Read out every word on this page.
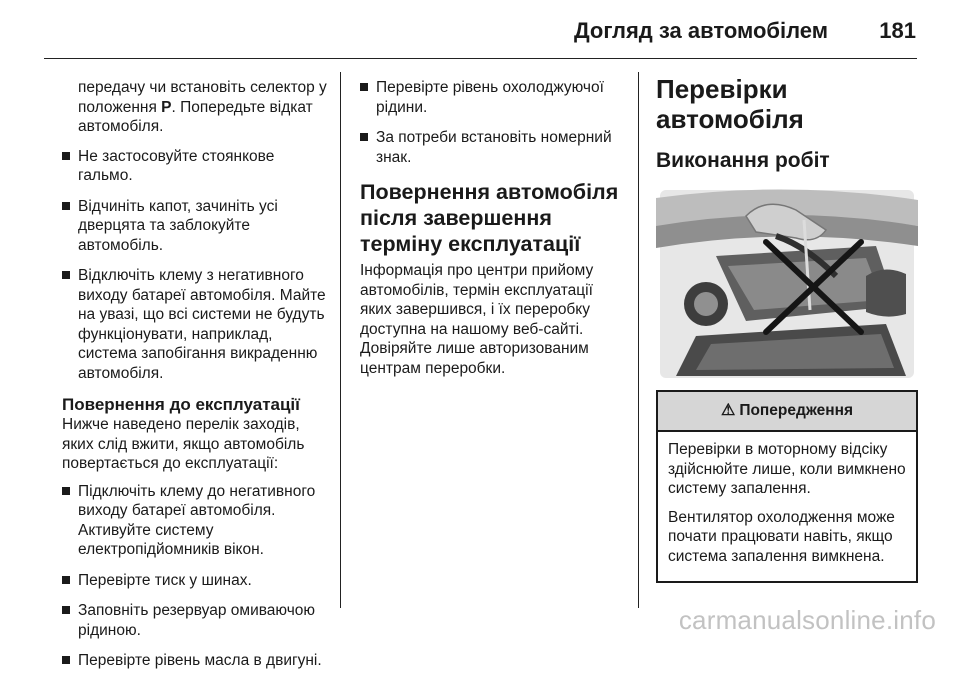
Догляд за автомобілем 181

передачу чи встановіть селектор у положення P. Попередьте відкат автомобіля.

Не застосовуйте стоянкове гальмо.
Відчиніть капот, зачиніть усі дверцята та заблокуйте автомобіль.
Відключіть клему з негативного виходу батареї автомобіля. Майте на увазі, що всі системи не будуть функціонувати, наприклад, система запобігання викраденню автомобіля.
Повернення до експлуатації

Нижче наведено перелік заходів, яких слід вжити, якщо автомобіль повертається до експлуатації:

Підключіть клему до негативного виходу батареї автомобіля. Активуйте систему електропідйомників вікон.
Перевірте тиск у шинах.
Заповніть резервуар омиваючою рідиною.
Перевірте рівень масла в двигуні.
Перевірте рівень охолоджуючої рідини.
За потреби встановіть номерний знак.
Повернення автомобіля після завершення терміну експлуатації

Інформація про центри прийому автомобілів, термін експлуатації яких завершився, і їх переробку доступна на нашому веб-сайті. Довіряйте лише авторизованим центрам переробки.

Перевірки автомобіля
Виконання робіт
⚠ Попередження

Перевірки в моторному відсіку здійснюйте лише, коли вимкнено систему запалення.

Вентилятор охолодження може почати працювати навіть, якщо система запалення вимкнена.

carmanualsonline.info
